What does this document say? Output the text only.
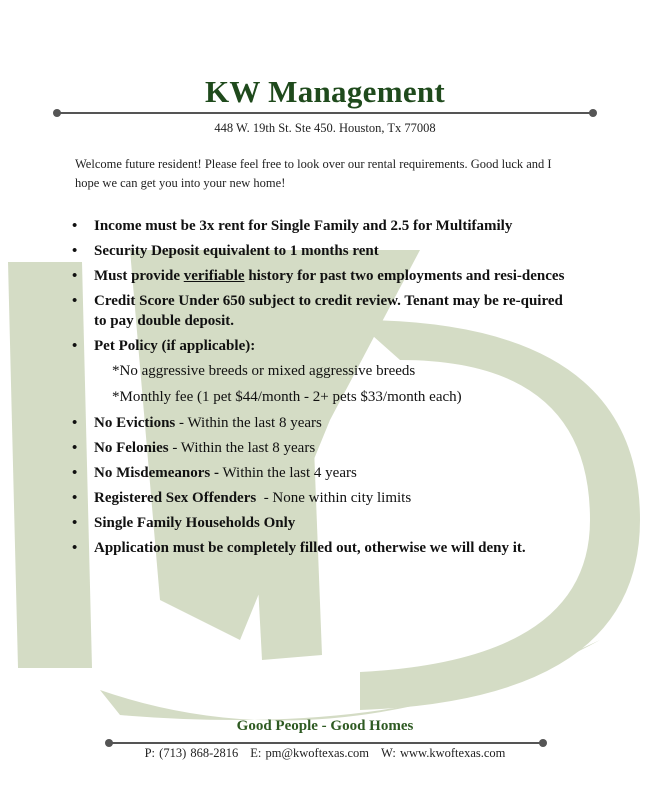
KW Management
448 W. 19th St. Ste 450. Houston, Tx 77008
Welcome future resident! Please feel free to look over our rental requirements. Good luck and I hope we can get you into your new home!
• Income must be 3x rent for Single Family and 2.5 for Multifamily
• Security Deposit equivalent to 1 months rent
• Must provide verifiable history for past two employments and resi-dences
• Credit Score Under 650 subject to credit review. Tenant may be re-quired to pay double deposit.
• Pet Policy (if applicable):
*No aggressive breeds or mixed aggressive breeds
*Monthly fee (1 pet $44/month - 2+ pets $33/month each)
• No Evictions - Within the last 8 years
• No Felonies - Within the last 8 years
• No Misdemeanors - Within the last 4 years
• Registered Sex Offenders  - None within city limits
• Single Family Households Only
• Application must be completely filled out, otherwise we will deny it.
Good People - Good Homes
P: (713) 868-2816 E: pm@kwoftexas.com W: www.kwoftexas.com
